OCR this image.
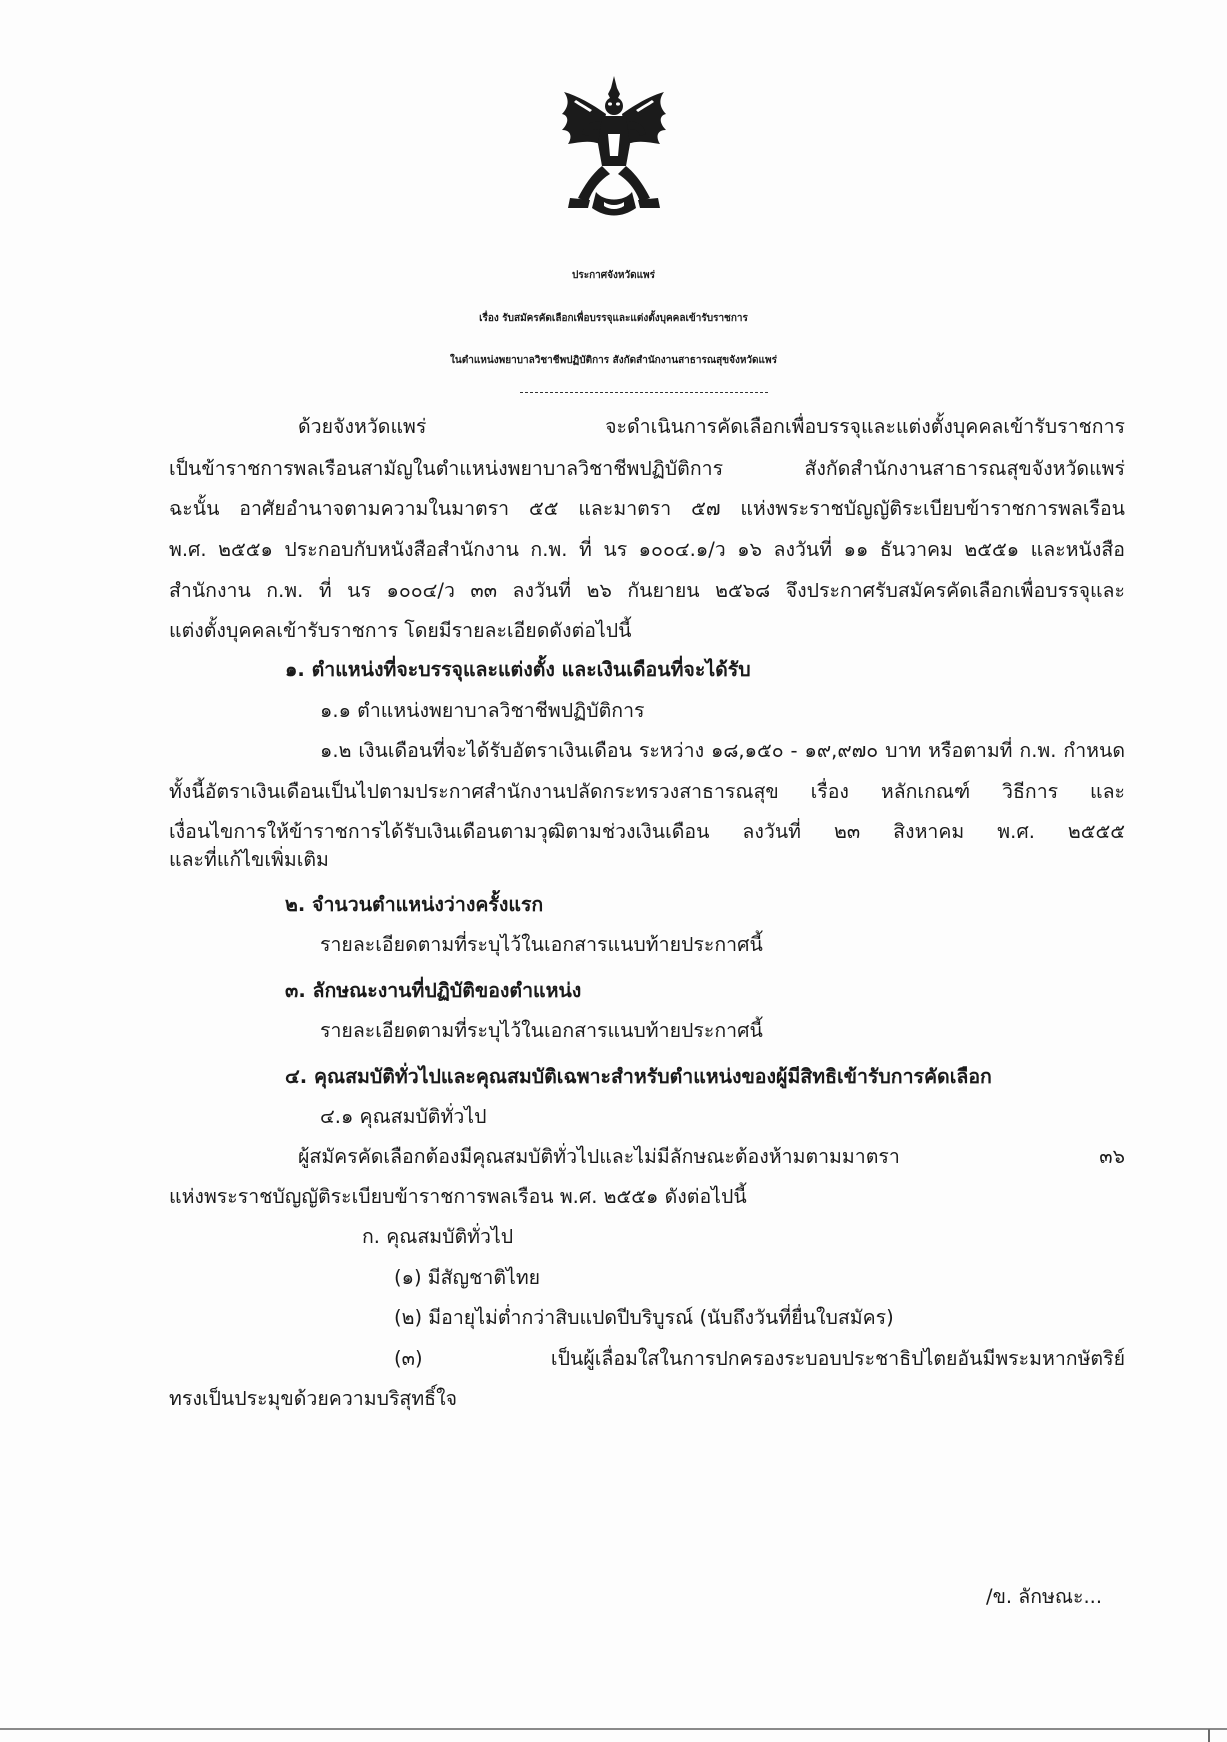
ประกาศจังหวัดแพร่
เรื่อง รับสมัครคัดเลือกเพื่อบรรจุและแต่งตั้งบุคคลเข้ารับราชการ
ในตำแหน่งพยาบาลวิชาชีพปฏิบัติการ สังกัดสำนักงานสาธารณสุขจังหวัดแพร่
ด้วยจังหวัดแพร่ จะดำเนินการคัดเลือกเพื่อบรรจุและแต่งตั้งบุคคลเข้ารับราชการ
เป็นข้าราชการพลเรือนสามัญในตำแหน่งพยาบาลวิชาชีพปฏิบัติการ สังกัดสำนักงานสาธารณสุขจังหวัดแพร่
ฉะนั้น อาศัยอำนาจตามความในมาตรา ๕๕ และมาตรา ๕๗ แห่งพระราชบัญญัติระเบียบข้าราชการพลเรือน
พ.ศ. ๒๕๕๑ ประกอบกับหนังสือสำนักงาน ก.พ. ที่ นร ๑๐๐๔.๑/ว ๑๖ ลงวันที่ ๑๑ ธันวาคม ๒๕๕๑ และหนังสือ
สำนักงาน ก.พ. ที่ นร ๑๐๐๔/ว ๓๓ ลงวันที่ ๒๖ กันยายน ๒๕๖๘ จึงประกาศรับสมัครคัดเลือกเพื่อบรรจุและ
แต่งตั้งบุคคลเข้ารับราชการ โดยมีรายละเอียดดังต่อไปนี้
๑. ตำแหน่งที่จะบรรจุและแต่งตั้ง และเงินเดือนที่จะได้รับ
๑.๑ ตำแหน่งพยาบาลวิชาชีพปฏิบัติการ
๑.๒ เงินเดือนที่จะได้รับอัตราเงินเดือน ระหว่าง ๑๘,๑๕๐ - ๑๙,๙๗๐ บาท หรือตามที่ ก.พ. กำหนด
ทั้งนี้อัตราเงินเดือนเป็นไปตามประกาศสำนักงานปลัดกระทรวงสาธารณสุข เรื่อง หลักเกณฑ์ วิธีการ และ
เงื่อนไขการให้ข้าราชการได้รับเงินเดือนตามวุฒิตามช่วงเงินเดือน ลงวันที่ ๒๓ สิงหาคม พ.ศ. ๒๕๕๕
และที่แก้ไขเพิ่มเติม
๒. จำนวนตำแหน่งว่างครั้งแรก
รายละเอียดตามที่ระบุไว้ในเอกสารแนบท้ายประกาศนี้
๓. ลักษณะงานที่ปฏิบัติของตำแหน่ง
รายละเอียดตามที่ระบุไว้ในเอกสารแนบท้ายประกาศนี้
๔. คุณสมบัติทั่วไปและคุณสมบัติเฉพาะสำหรับตำแหน่งของผู้มีสิทธิเข้ารับการคัดเลือก
๔.๑ คุณสมบัติทั่วไป
ผู้สมัครคัดเลือกต้องมีคุณสมบัติทั่วไปและไม่มีลักษณะต้องห้ามตามมาตรา ๓๖
แห่งพระราชบัญญัติระเบียบข้าราชการพลเรือน พ.ศ. ๒๕๕๑ ดังต่อไปนี้
ก. คุณสมบัติทั่วไป
(๑) มีสัญชาติไทย
(๒) มีอายุไม่ต่ำกว่าสิบแปดปีบริบูรณ์ (นับถึงวันที่ยื่นใบสมัคร)
(๓) เป็นผู้เลื่อมใสในการปกครองระบอบประชาธิปไตยอันมีพระมหากษัตริย์
ทรงเป็นประมุขด้วยความบริสุทธิ์ใจ
/ข. ลักษณะ...
